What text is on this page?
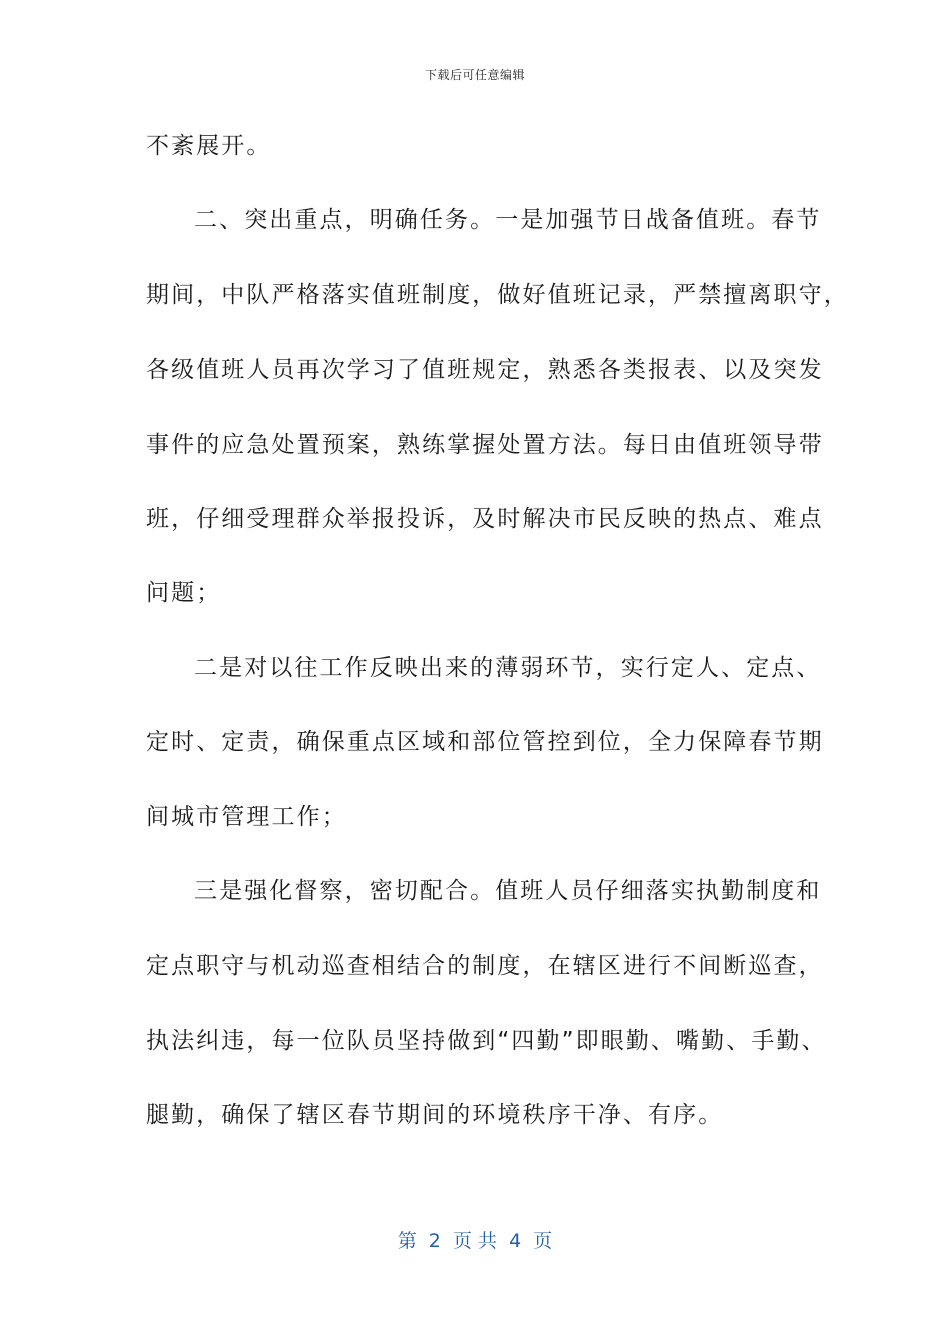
下载后可任意编辑
不紊展开。
二、突出重点，明确任务。一是加强节日战备值班。春节
期间，中队严格落实值班制度，做好值班记录，严禁擅离职守，
各级值班人员再次学习了值班规定，熟悉各类报表、以及突发
事件的应急处置预案，熟练掌握处置方法。每日由值班领导带
班，仔细受理群众举报投诉，及时解决市民反映的热点、难点
问题；
二是对以往工作反映出来的薄弱环节，实行定人、定点、
定时、定责，确保重点区域和部位管控到位，全力保障春节期
间城市管理工作；
三是强化督察，密切配合。值班人员仔细落实执勤制度和
定点职守与机动巡查相结合的制度，在辖区进行不间断巡查，
执法纠违，每一位队员坚持做到“四勤”即眼勤、嘴勤、手勤、
腿勤，确保了辖区春节期间的环境秩序干净、有序。
第  2  页 共  4  页
